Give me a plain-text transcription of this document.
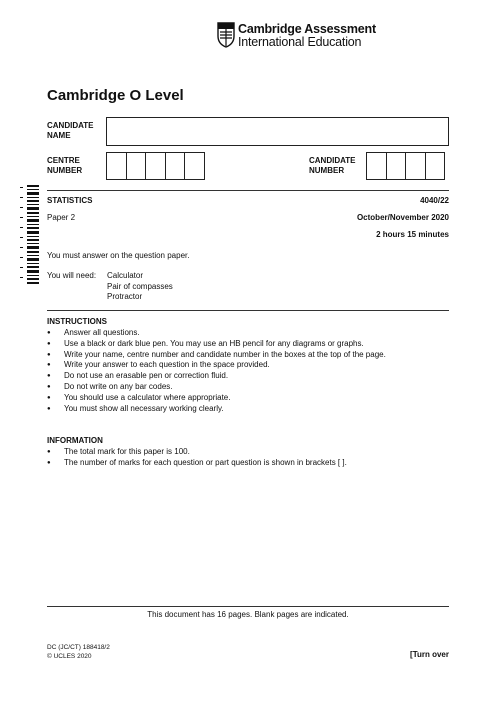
Cambridge Assessment
International Education
Cambridge O Level
CANDIDATE
NAME
CENTRE
NUMBER
CANDIDATE
NUMBER
STATISTICS	4040/22
Paper 2	October/November 2020
2 hours 15 minutes
You must answer on the question paper.
You will need: Calculator
Pair of compasses
Protractor
INSTRUCTIONS
● Answer all questions.
● Use a black or dark blue pen. You may use an HB pencil for any diagrams or graphs.
● Write your name, centre number and candidate number in the boxes at the top of the page.
● Write your answer to each question in the space provided.
● Do not use an erasable pen or correction fluid.
● Do not write on any bar codes.
● You should use a calculator where appropriate.
● You must show all necessary working clearly.
INFORMATION
● The total mark for this paper is 100.
● The number of marks for each question or part question is shown in brackets [ ].
This document has 16 pages. Blank pages are indicated.
DC (JC/CT) 188418/2
© UCLES 2020	[Turn over
